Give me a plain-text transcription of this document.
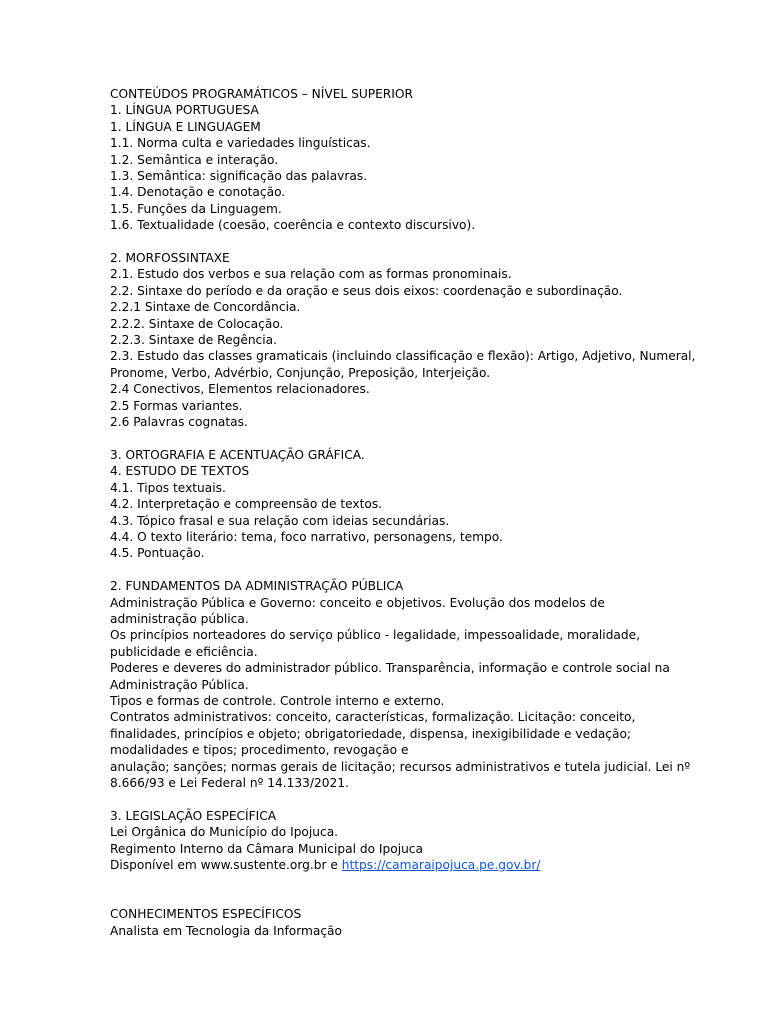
CONTEÚDOS PROGRAMÁTICOS – NÍVEL SUPERIOR

1. LÍNGUA PORTUGUESA

1. LÍNGUA E LINGUAGEM

1.1. Norma culta e variedades linguísticas.

1.2. Semântica e interação.

1.3. Semântica: significação das palavras.

1.4. Denotação e conotação.

1.5. Funções da Linguagem.

1.6. Textualidade (coesão, coerência e contexto discursivo).

2. MORFOSSINTAXE

2.1. Estudo dos verbos e sua relação com as formas pronominais.

2.2. Sintaxe do período e da oração e seus dois eixos: coordenação e subordinação.

2.2.1 Sintaxe de Concordância.

2.2.2. Sintaxe de Colocação.

2.2.3. Sintaxe de Regência.

2.3. Estudo das classes gramaticais (incluindo classificação e flexão): Artigo, Adjetivo, Numeral,

Pronome, Verbo, Advérbio, Conjunção, Preposição, Interjeição.

2.4 Conectivos, Elementos relacionadores.

2.5 Formas variantes.

2.6 Palavras cognatas.

3. ORTOGRAFIA E ACENTUAÇÃO GRÁFICA.

4. ESTUDO DE TEXTOS

4.1. Tipos textuais.

4.2. Interpretação e compreensão de textos.

4.3. Tópico frasal e sua relação com ideias secundárias.

4.4. O texto literário: tema, foco narrativo, personagens, tempo.

4.5. Pontuação.

2. FUNDAMENTOS DA ADMINISTRAÇÃO PÚBLICA

Administração Pública e Governo: conceito e objetivos. Evolução dos modelos de

administração pública.

Os princípios norteadores do serviço público - legalidade, impessoalidade, moralidade,

publicidade e eficiência.

Poderes e deveres do administrador público. Transparência, informação e controle social na

Administração Pública.

Tipos e formas de controle. Controle interno e externo.

Contratos administrativos: conceito, características, formalização. Licitação: conceito,

finalidades, princípios e objeto; obrigatoriedade, dispensa, inexigibilidade e vedação;

modalidades e tipos; procedimento, revogação e

anulação; sanções; normas gerais de licitação; recursos administrativos e tutela judicial. Lei nº

8.666/93 e Lei Federal nº 14.133/2021.

3. LEGISLAÇÃO ESPECÍFICA

Lei Orgânica do Município do Ipojuca.

Regimento Interno da Câmara Municipal do Ipojuca

Disponível em www.sustente.org.br e https://camaraipojuca.pe.gov.br/

CONHECIMENTOS ESPECÍFICOS

Analista em Tecnologia da Informação
